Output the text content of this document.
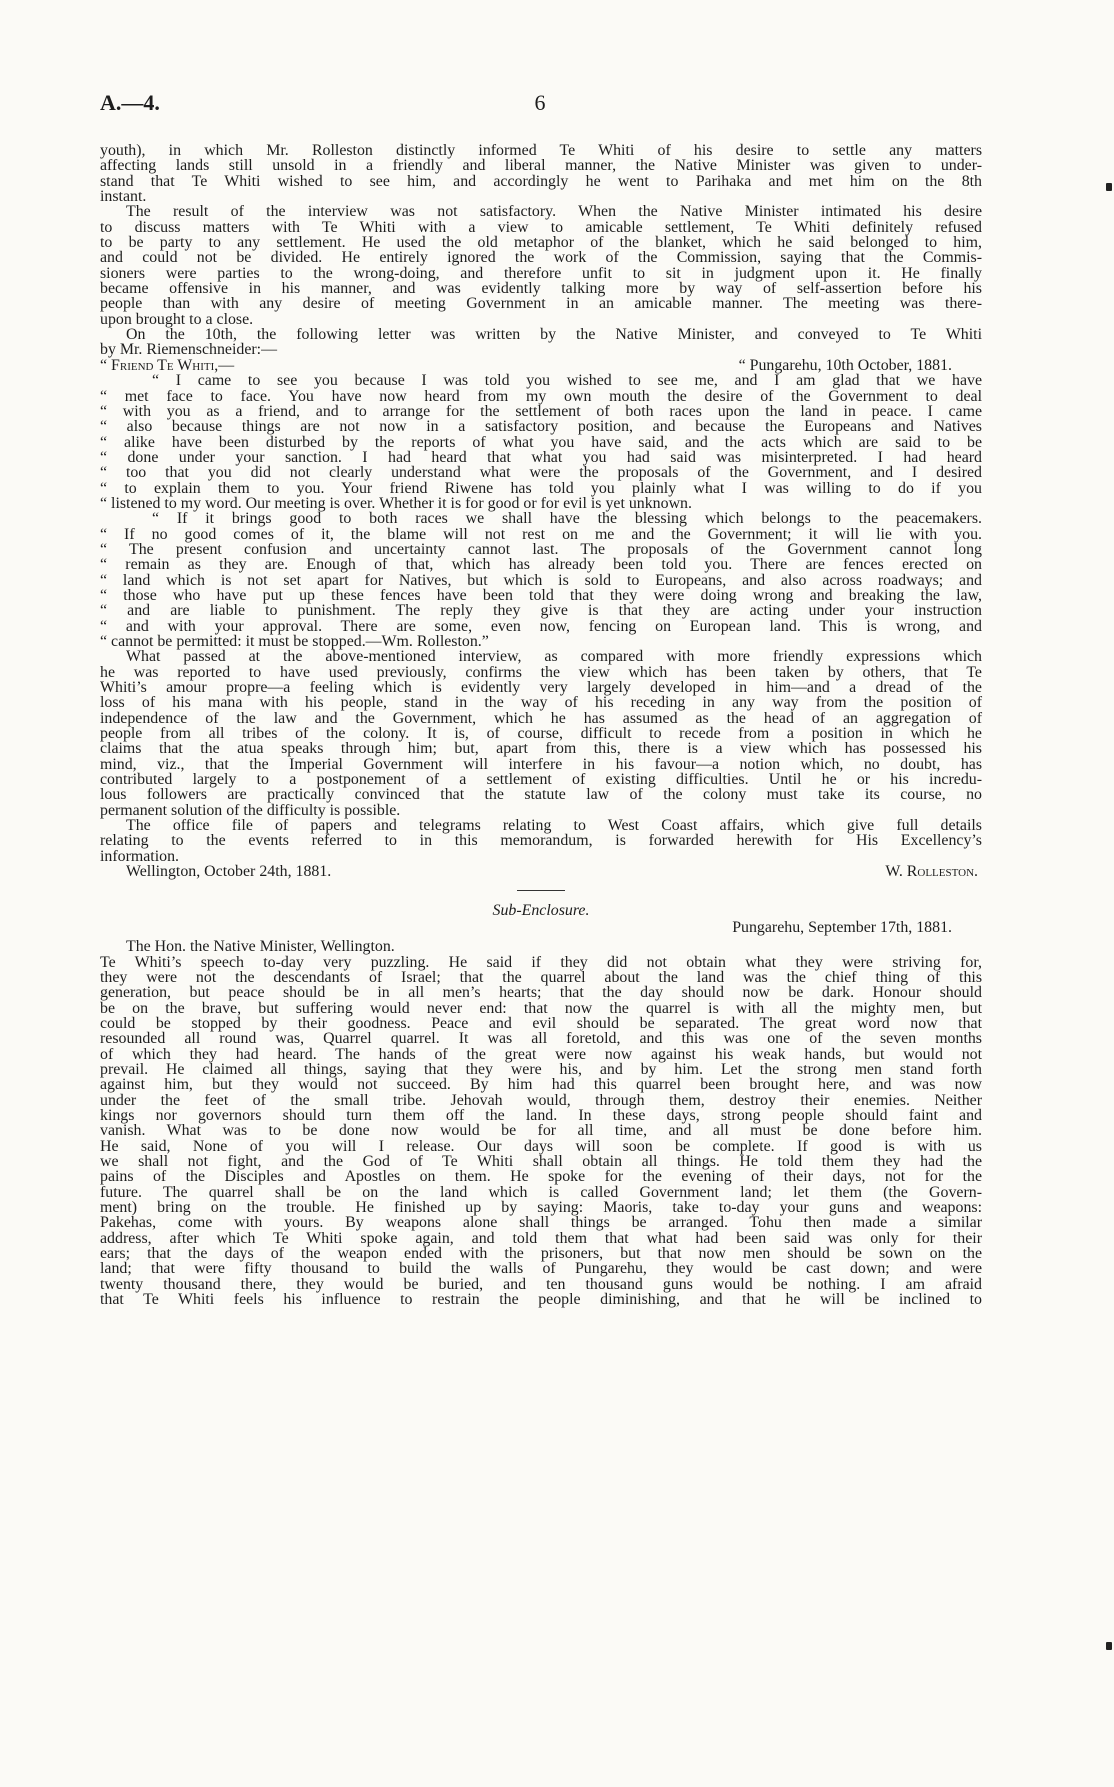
A.—4.	6

youth), in which Mr. Rolleston distinctly informed Te Whiti of his desire to settle any matters
affecting lands still unsold in a friendly and liberal manner, the Native Minister was given to under-
stand that Te Whiti wished to see him, and accordingly he went to Parihaka and met him on the 8th
instant.

The result of the interview was not satisfactory. When the Native Minister intimated his desire
to discuss matters with Te Whiti with a view to amicable settlement, Te Whiti definitely refused
to be party to any settlement. He used the old metaphor of the blanket, which he said belonged to him,
and could not be divided. He entirely ignored the work of the Commission, saying that the Commis-
sioners were parties to the wrong-doing, and therefore unfit to sit in judgment upon it. He finally
became offensive in his manner, and was evidently talking more by way of self-assertion before his
people than with any desire of meeting Government in an amicable manner. The meeting was there-
upon brought to a close.

On the 10th, the following letter was written by the Native Minister, and conveyed to Te Whiti
by Mr. Riemenschneider:—

“ Friend Te Whiti,—	“ Pungarehu, 10th October, 1881.

“ I came to see you because I was told you wished to see me, and I am glad that we have
“ met face to face. You have now heard from my own mouth the desire of the Government to deal
“ with you as a friend, and to arrange for the settlement of both races upon the land in peace. I came
“ also because things are not now in a satisfactory position, and because the Europeans and Natives
“ alike have been disturbed by the reports of what you have said, and the acts which are said to be
“ done under your sanction. I had heard that what you had said was misinterpreted. I had heard
“ too that you did not clearly understand what were the proposals of the Government, and I desired
“ to explain them to you. Your friend Riwene has told you plainly what I was willing to do if you
“ listened to my word. Our meeting is over. Whether it is for good or for evil is yet unknown.

“ If it brings good to both races we shall have the blessing which belongs to the peacemakers.
“ If no good comes of it, the blame will not rest on me and the Government; it will lie with you.
“ The present confusion and uncertainty cannot last. The proposals of the Government cannot long
“ remain as they are. Enough of that, which has already been told you. There are fences erected on
“ land which is not set apart for Natives, but which is sold to Europeans, and also across roadways; and
“ those who have put up these fences have been told that they were doing wrong and breaking the law,
“ and are liable to punishment. The reply they give is that they are acting under your instruction
“ and with your approval. There are some, even now, fencing on European land. This is wrong, and
“ cannot be permitted: it must be stopped.—Wm. Rolleston.”

What passed at the above-mentioned interview, as compared with more friendly expressions which
he was reported to have used previously, confirms the view which has been taken by others, that Te
Whiti’s amour propre—a feeling which is evidently very largely developed in him—and a dread of the
loss of his mana with his people, stand in the way of his receding in any way from the position of
independence of the law and the Government, which he has assumed as the head of an aggregation of
people from all tribes of the colony. It is, of course, difficult to recede from a position in which he
claims that the atua speaks through him; but, apart from this, there is a view which has possessed his
mind, viz., that the Imperial Government will interfere in his favour—a notion which, no doubt, has
contributed largely to a postponement of a settlement of existing difficulties. Until he or his incredu-
lous followers are practically convinced that the statute law of the colony must take its course, no
permanent solution of the difficulty is possible.

The office file of papers and telegrams relating to West Coast affairs, which give full details
relating to the events referred to in this memorandum, is forwarded herewith for His Excellency’s
information.

Wellington, October 24th, 1881.	W. Rolleston.
Sub-Enclosure.
Pungarehu, September 17th, 1881.
The Hon. the Native Minister, Wellington.

Te Whiti’s speech to-day very puzzling. He said if they did not obtain what they were striving for,
they were not the descendants of Israel; that the quarrel about the land was the chief thing of this
generation, but peace should be in all men’s hearts; that the day should now be dark. Honour should
be on the brave, but suffering would never end: that now the quarrel is with all the mighty men, but
could be stopped by their goodness. Peace and evil should be separated. The great word now that
resounded all round was, Quarrel quarrel. It was all foretold, and this was one of the seven months
of which they had heard. The hands of the great were now against his weak hands, but would not
prevail. He claimed all things, saying that they were his, and by him. Let the strong men stand forth
against him, but they would not succeed. By him had this quarrel been brought here, and was now
under the feet of the small tribe. Jehovah would, through them, destroy their enemies. Neither
kings nor governors should turn them off the land. In these days, strong people should faint and
vanish. What was to be done now would be for all time, and all must be done before him.
He said, None of you will I release. Our days will soon be complete. If good is with us
we shall not fight, and the God of Te Whiti shall obtain all things. He told them they had the
pains of the Disciples and Apostles on them. He spoke for the evening of their days, not for the
future. The quarrel shall be on the land which is called Government land; let them (the Govern-
ment) bring on the trouble. He finished up by saying: Maoris, take to-day your guns and weapons:
Pakehas, come with yours. By weapons alone shall things be arranged. Tohu then made a similar
address, after which Te Whiti spoke again, and told them that what had been said was only for their
ears; that the days of the weapon ended with the prisoners, but that now men should be sown on the
land; that were fifty thousand to build the walls of Pungarehu, they would be cast down; and were
twenty thousand there, they would be buried, and ten thousand guns would be nothing. I am afraid
that Te Whiti feels his influence to restrain the people diminishing, and that he will be inclined to
